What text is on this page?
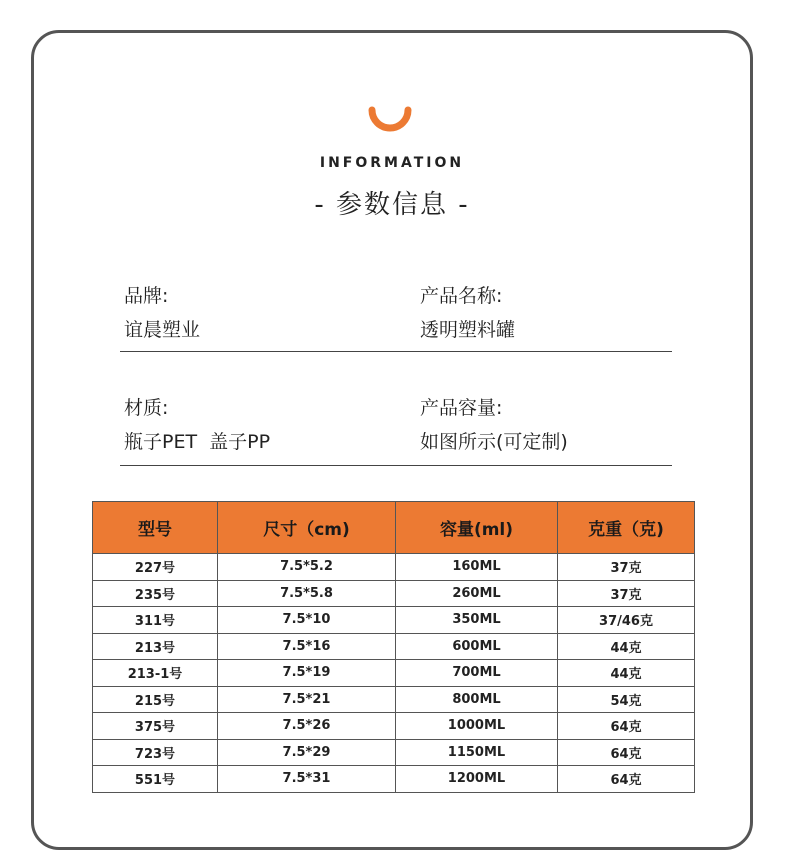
INFORMATION
- 参数信息 -
品牌:
谊晨塑业
产品名称:
透明塑料罐
材质:
瓶子PET  盖子PP
产品容量:
如图所示(可定制)
型号	尺寸（cm)	容量(ml)	克重（克)
227号	7.5*5.2	160ML	37克
235号	7.5*5.8	260ML	37克
311号	7.5*10	350ML	37/46克
213号	7.5*16	600ML	44克
213-1号	7.5*19	700ML	44克
215号	7.5*21	800ML	54克
375号	7.5*26	1000ML	64克
723号	7.5*29	1150ML	64克
551号	7.5*31	1200ML	64克
